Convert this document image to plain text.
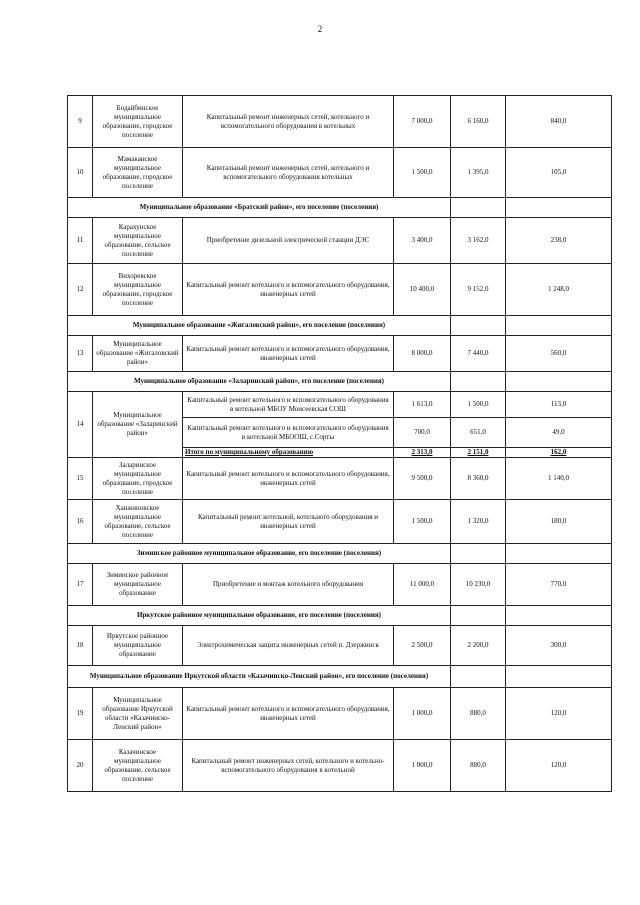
2
9	Бодайбинское муниципальное образование, городское поселение	Капитальный ремонт инженерных сетей, котельного и вспомогательного оборудования в котельных	7 000,0	6 160,0	840,0
10	Мамаканское муниципальное образование, городское поселение	Капитальный ремонт инженерных сетей, котельного и вспомогательного оборудования котельных	1 500,0	1 395,0	105,0
Муниципальное образование «Братский район», его поселение (поселения)					
11	Карахунское муниципальное образование, сельское поселение	Приобретение дизельной электрической станции ДЭС	3 400,0	3 162,0	238,0
12	Вихоревское муниципальное образование, городское поселение	Капитальный ремонт котельного и вспомогательного оборудования, инженерных сетей	10 400,0	9 152,0	1 248,0
Муниципальное образование «Жигаловский район», его поселение (поселения)					
13	Муниципальное образование «Жигаловский район»	Капитальный ремонт котельного и вспомогательного оборудования, инженерных сетей	8 000,0	7 440,0	560,0
Муниципальное образование «Заларинский район», его поселение (поселения)					
14	Муниципальное образование «Заларинский район»	Капитальный ремонт котельного и вспомогательного оборудования в котельной МБОУ Моисеевская СОШ	1 613,0	1 500,0	113,0
		Капитальный ремонт котельного и вспомогательного оборудования в котельной МБООШ, с.Сорты	700,0	651,0	49,0
		Итого по муниципальному образованию	2 313,0	2 151,0	162,0
15	Заларинское муниципальное образование, городское поселение	Капитальный ремонт котельного и вспомогательного оборудования, инженерных сетей	9 500,0	8 360,0	1 140,0
16	Ханжиновское муниципальное образование, сельское поселение	Капитальный ремонт котельной, котельного оборудования и инженерных сетей	1 500,0	1 320,0	180,0
Зиминское районное муниципальное образование, его поселение (поселения)					
17	Зиминское районное муниципальное образование	Приобретение и монтаж котельного оборудования	11 000,0	10 230,0	770,0
Иркутское районное муниципальное образование, его поселение (поселения)					
18	Иркутское районное муниципальное образование	Электрохимическая защита инженерных сетей п. Дзержинск	2 500,0	2 200,0	300,0
Муниципальное образование Иркутской области «Казачинско-Ленский район», его поселение (поселения)					
19	Муниципальное образование Иркутской области «Казачинско-Ленский район»	Капитальный ремонт котельного и вспомогательного оборудования, инженерных сетей	1 000,0	880,0	120,0
20	Казачинское муниципальное образование, сельское поселение	Капитальный ремонт инженерных сетей, котельного и котельно-вспомогательного оборудования в котельной	1 000,0	880,0	120,0
